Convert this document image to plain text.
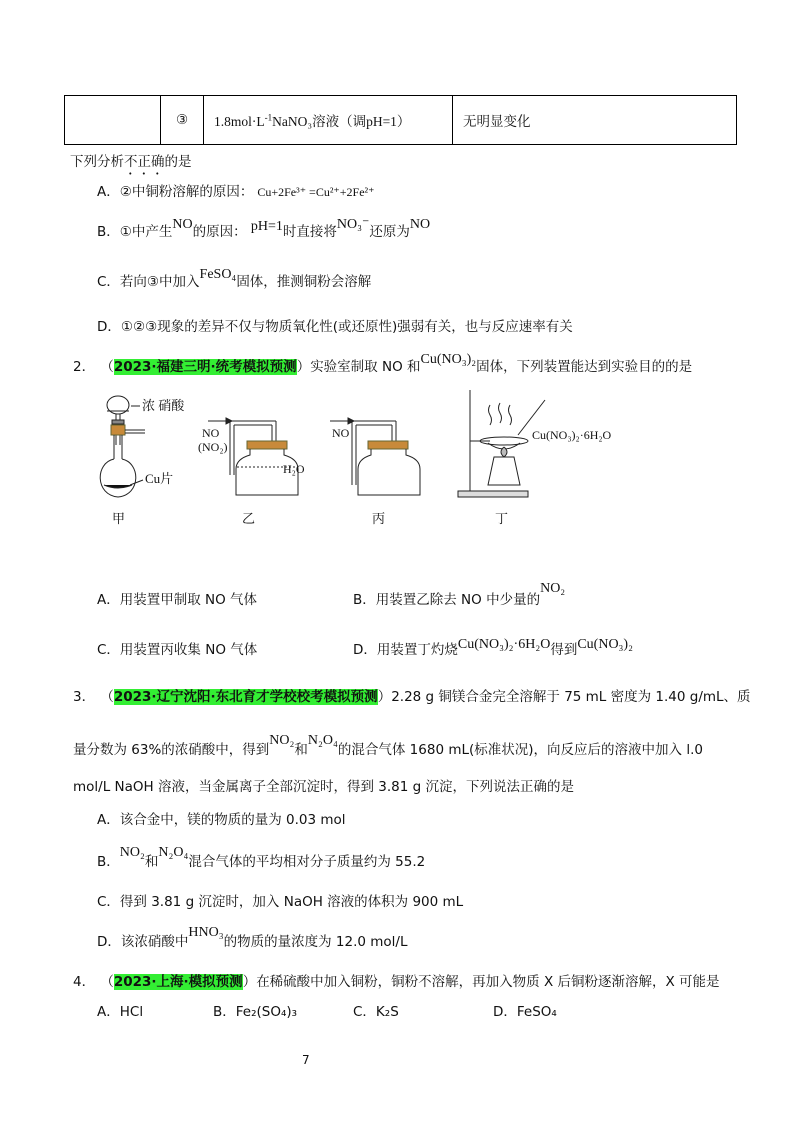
	③	$1.8mol\cdot L^{-1}NaNO_3$溶液（调pH=1）	无明显变化
下列分析不正确的是
A．②中铜粉溶解的原因： Cu+2Fe³⁺ =Cu²⁺+2Fe²⁺
B．①中产生NO的原因： pH=1时直接将NO₃⁻还原为NO
C．若向③中加入FeSO₄固体，推测铜粉会溶解
D．①②③现象的差异不仅与物质氧化性(或还原性)强弱有关，也与反应速率有关
2． （2023·福建三明·统考模拟预测）实验室制取 NO 和Cu(NO₃)₂固体，下列装置能达到实验目的的是
浓 硝酸
Cu片
NO
(NO₂)
H₂O
NO	Cu(NO₃)₂·6H₂O
甲	乙	丙	丁
A．用装置甲制取 NO 气体	B．用装置乙除去 NO 中少量的NO₂
C．用装置丙收集 NO 气体	D．用装置丁灼烧Cu(NO₃)₂·6H₂O得到Cu(NO₃)₂
3． （2023·辽宁沈阳·东北育才学校校考模拟预测）2.28 g 铜镁合金完全溶解于 75 mL 密度为 1.40 g/mL、质
量分数为 63%的浓硝酸中，得到NO₂和N₂O₄的混合气体 1680 mL(标准状况)，向反应后的溶液中加入 l.0
mol/L NaOH 溶液，当金属离子全部沉淀时，得到 3.81 g 沉淀，下列说法正确的是
A．该合金中，镁的物质的量为 0.03 mol
B．NO₂和N₂O₄混合气体的平均相对分子质量约为 55.2
C．得到 3.81 g 沉淀时，加入 NaOH 溶液的体积为 900 mL
D．该浓硝酸中HNO₃的物质的量浓度为 12.0 mol/L
4． （2023·上海·模拟预测）在稀硫酸中加入铜粉，铜粉不溶解，再加入物质 X 后铜粉逐渐溶解，X 可能是
A．HCl	B．Fe₂(SO₄)₃	C．K₂S	D．FeSO₄
7
